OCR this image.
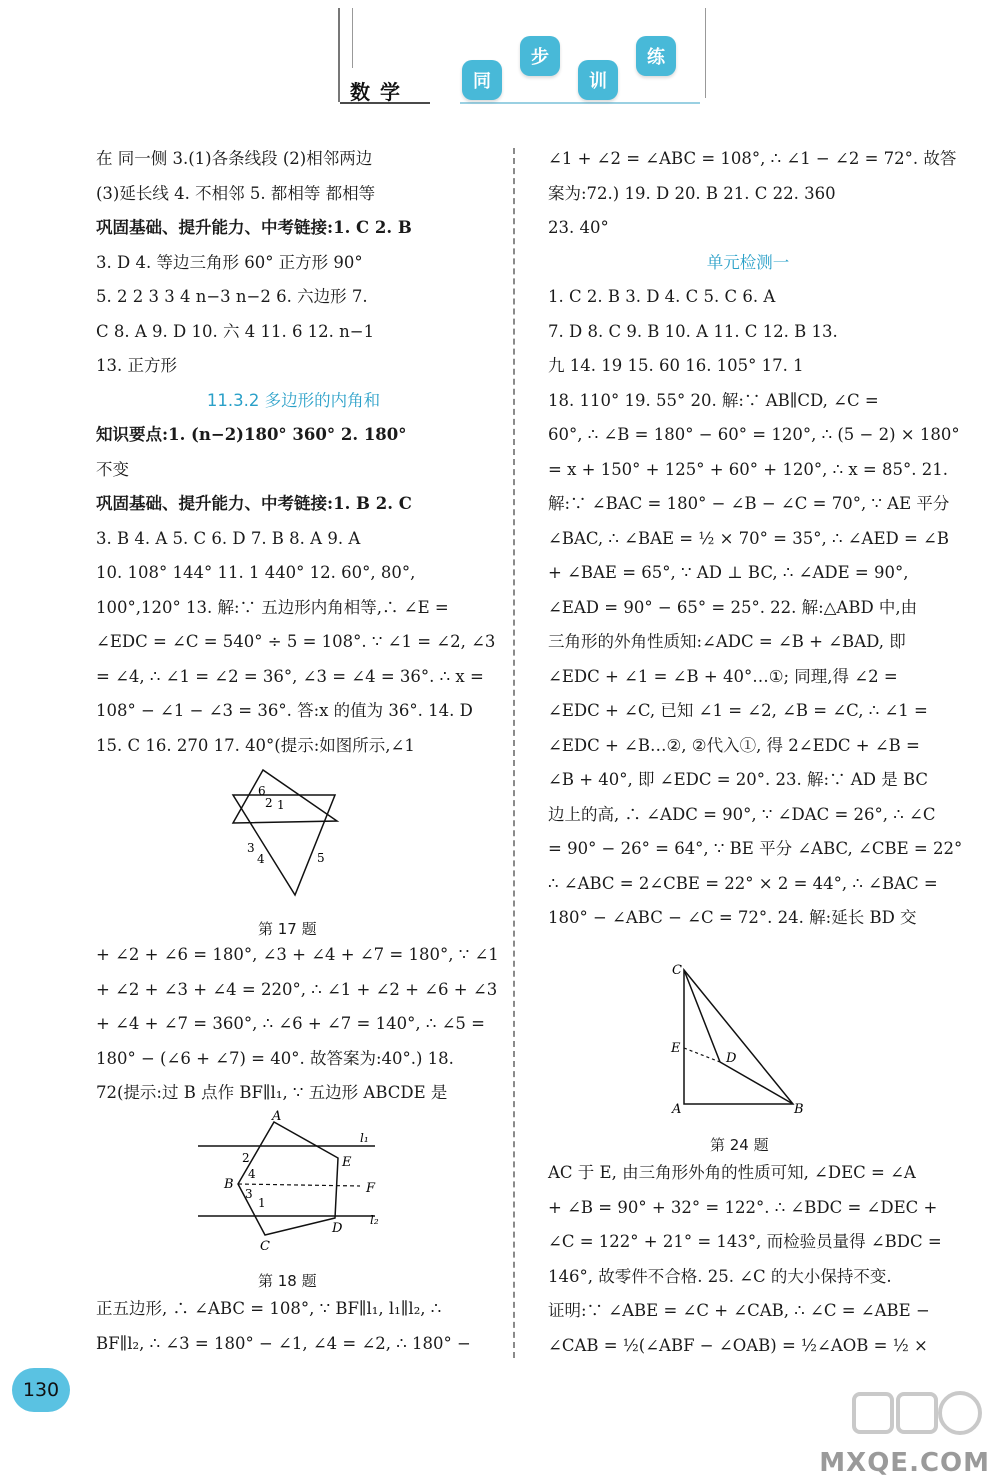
数学	同
步
训
练

在 同一侧 3.(1)各条线段 (2)相邻两边

(3)延长线 4. 不相邻 5. 都相等 都相等

巩固基础、提升能力、中考链接:1. C 2. B

3. D 4. 等边三角形 60° 正方形 90°

5. 2 2 3 3 4 n−3 n−2 6. 六边形 7.

C 8. A 9. D 10. 六 4 11. 6 12. n−1

13. 正方形

11.3.2 多边形的内角和

知识要点:1. (n−2)180° 360° 2. 180°

不变

巩固基础、提升能力、中考链接:1. B 2. C

3. B 4. A 5. C 6. D 7. B 8. A 9. A

10. 108° 144° 11. 1 440° 12. 60°, 80°,

100°,120° 13. 解:∵ 五边形内角相等,∴ ∠E =

∠EDC = ∠C = 540° ÷ 5 = 108°. ∵ ∠1 = ∠2, ∠3

= ∠4, ∴ ∠1 = ∠2 = 36°, ∠3 = ∠4 = 36°. ∴ x =

108° − ∠1 − ∠3 = 36°. 答:x 的值为 36°. 14. D

15. C 16. 270 17. 40°(提示:如图所示,∠1

6
2 1
3
4	5
第 17 题

+ ∠2 + ∠6 = 180°, ∠3 + ∠4 + ∠7 = 180°, ∵ ∠1

+ ∠2 + ∠3 + ∠4 = 220°, ∴ ∠1 + ∠2 + ∠6 + ∠3

+ ∠4 + ∠7 = 360°, ∴ ∠6 + ∠7 = 140°, ∴ ∠5 =

180° − (∠6 + ∠7) = 40°. 故答案为:40°.) 18.

72(提示:过 B 点作 BF∥l₁, ∵ 五边形 ABCDE 是

A
B
C
D
E
F
l₁
l₂
2
4
3
1
第 18 题

正五边形, ∴ ∠ABC = 108°, ∵ BF∥l₁, l₁∥l₂, ∴

BF∥l₂, ∴ ∠3 = 180° − ∠1, ∠4 = ∠2, ∴ 180° −

∠1 + ∠2 = ∠ABC = 108°, ∴ ∠1 − ∠2 = 72°. 故答

案为:72.) 19. D 20. B 21. C 22. 360

23. 40°

单元检测一

1. C 2. B 3. D 4. C 5. C 6. A

7. D 8. C 9. B 10. A 11. C 12. B 13.

九 14. 19 15. 60 16. 105° 17. 1

18. 110° 19. 55° 20. 解:∵ AB∥CD, ∠C =

60°, ∴ ∠B = 180° − 60° = 120°, ∴ (5 − 2) × 180°

= x + 150° + 125° + 60° + 120°, ∴ x = 85°. 21.

解:∵ ∠BAC = 180° − ∠B − ∠C = 70°, ∵ AE 平分

∠BAC, ∴ ∠BAE = ½ × 70° = 35°, ∴ ∠AED = ∠B

+ ∠BAE = 65°, ∵ AD ⊥ BC, ∴ ∠ADE = 90°,

∠EAD = 90° − 65° = 25°. 22. 解:△ABD 中,由

三角形的外角性质知:∠ADC = ∠B + ∠BAD, 即

∠EDC + ∠1 = ∠B + 40°…①; 同理,得 ∠2 =

∠EDC + ∠C, 已知 ∠1 = ∠2, ∠B = ∠C, ∴ ∠1 =

∠EDC + ∠B…②, ②代入①, 得 2∠EDC + ∠B =

∠B + 40°, 即 ∠EDC = 20°. 23. 解:∵ AD 是 BC

边上的高, ∴ ∠ADC = 90°, ∵ ∠DAC = 26°, ∴ ∠C

= 90° − 26° = 64°, ∵ BE 平分 ∠ABC, ∠CBE = 22°

∴ ∠ABC = 2∠CBE = 22° × 2 = 44°, ∴ ∠BAC =

180° − ∠ABC − ∠C = 72°. 24. 解:延长 BD 交

C
E
D
A	B
第 24 题

AC 于 E, 由三角形外角的性质可知, ∠DEC = ∠A

+ ∠B = 90° + 32° = 122°. ∴ ∠BDC = ∠DEC +

∠C = 122° + 21° = 143°, 而检验员量得 ∠BDC =

146°, 故零件不合格. 25. ∠C 的大小保持不变.

证明:∵ ∠ABE = ∠C + ∠CAB, ∴ ∠C = ∠ABE −

∠CAB = ½(∠ABF − ∠OAB) = ½∠AOB = ½ ×

130
MXQE.COM
